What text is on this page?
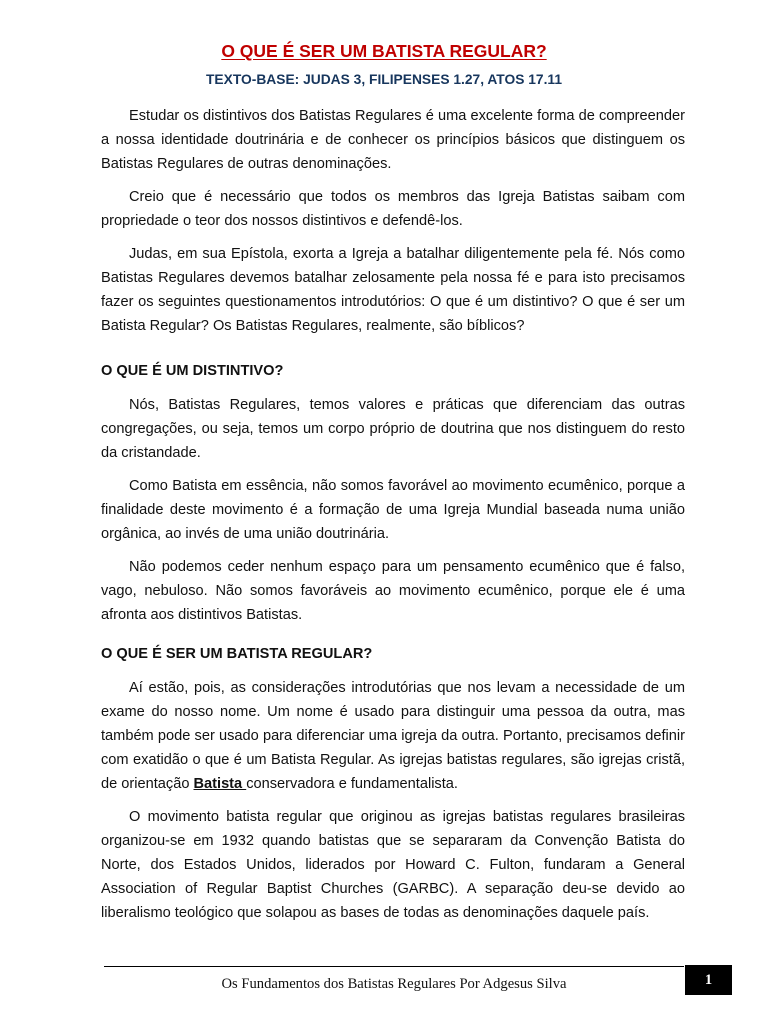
O QUE É SER UM BATISTA REGULAR?
TEXTO-BASE: JUDAS 3, FILIPENSES 1.27, ATOS 17.11

Estudar os distintivos dos Batistas Regulares é uma excelente forma de compreender a nossa identidade doutrinária e de conhecer os princípios básicos que distinguem os Batistas Regulares de outras denominações.

Creio que é necessário que todos os membros das Igreja Batistas saibam com propriedade o teor dos nossos distintivos e defendê-los.

Judas, em sua Epístola, exorta a Igreja a batalhar diligentemente pela fé. Nós como Batistas Regulares devemos batalhar zelosamente pela nossa fé e para isto precisamos fazer os seguintes questionamentos introdutórios: O que é um distintivo? O que é ser um Batista Regular? Os Batistas Regulares, realmente, são bíblicos?

O QUE É UM DISTINTIVO?

Nós, Batistas Regulares, temos valores e práticas que diferenciam das outras congregações, ou seja, temos um corpo próprio de doutrina que nos distinguem do resto da cristandade.

Como Batista em essência, não somos favorável ao movimento ecumênico, porque a finalidade deste movimento é a formação de uma Igreja Mundial baseada numa união orgânica, ao invés de uma união doutrinária.

Não podemos ceder nenhum espaço para um pensamento ecumênico que é falso, vago, nebuloso. Não somos favoráveis ao movimento ecumênico, porque ele é uma afronta aos distintivos Batistas.

O QUE É SER UM BATISTA REGULAR?

Aí estão, pois, as considerações introdutórias que nos levam a necessidade de um exame do nosso nome. Um nome é usado para distinguir uma pessoa da outra, mas também pode ser usado para diferenciar uma igreja da outra. Portanto, precisamos definir com exatidão o que é um Batista Regular. As igrejas batistas regulares, são igrejas cristã, de orientação Batista conservadora e fundamentalista.

O movimento batista regular que originou as igrejas batistas regulares brasileiras organizou-se em 1932 quando batistas que se separaram da Convenção Batista do Norte, dos Estados Unidos, liderados por Howard C. Fulton, fundaram a General Association of Regular Baptist Churches (GARBC). A separação deu-se devido ao liberalismo teológico que solapou as bases de todas as denominações daquele país.

Os Fundamentos dos Batistas Regulares Por Adgesus Silva	1
